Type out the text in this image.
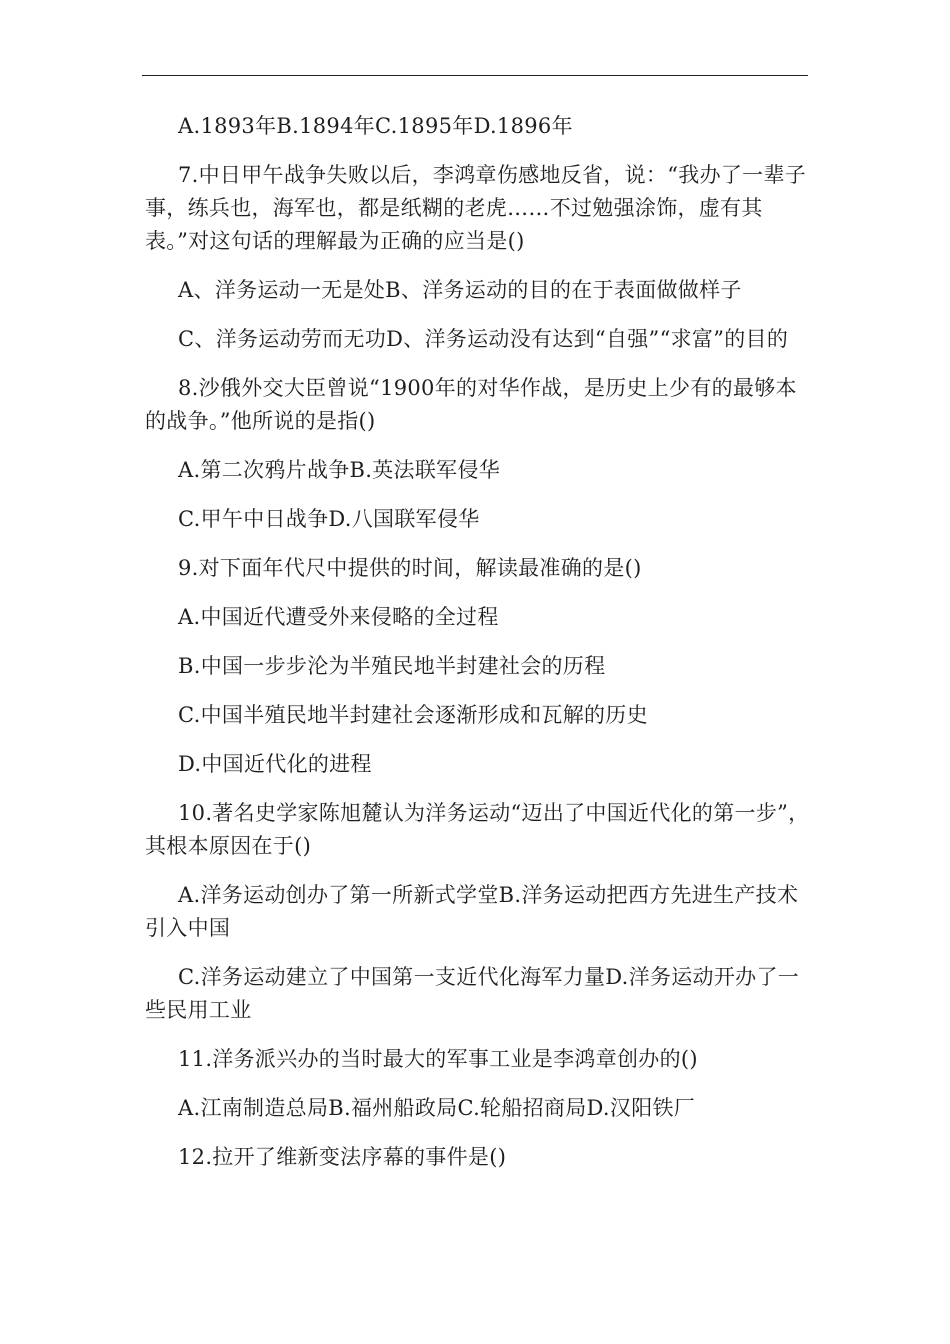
A.1893年B.1894年C.1895年D.1896年

7.中日甲午战争失败以后，李鸿章伤感地反省，说：“我办了一辈子事，练兵也，海军也，都是纸糊的老虎……不过勉强涂饰，虚有其表。”对这句话的理解最为正确的应当是()

A、洋务运动一无是处B、洋务运动的目的在于表面做做样子

C、洋务运动劳而无功D、洋务运动没有达到“自强”“求富”的目的

8.沙俄外交大臣曾说“1900年的对华作战，是历史上少有的最够本的战争。”他所说的是指()

A.第二次鸦片战争B.英法联军侵华

C.甲午中日战争D.八国联军侵华

9.对下面年代尺中提供的时间，解读最准确的是()

A.中国近代遭受外来侵略的全过程

B.中国一步步沦为半殖民地半封建社会的历程

C.中国半殖民地半封建社会逐渐形成和瓦解的历史

D.中国近代化的进程

10.著名史学家陈旭麓认为洋务运动“迈出了中国近代化的第一步”，其根本原因在于()

A.洋务运动创办了第一所新式学堂B.洋务运动把西方先进生产技术引入中国

C.洋务运动建立了中国第一支近代化海军力量D.洋务运动开办了一些民用工业

11.洋务派兴办的当时最大的军事工业是李鸿章创办的()

A.江南制造总局B.福州船政局C.轮船招商局D.汉阳铁厂

12.拉开了维新变法序幕的事件是()
